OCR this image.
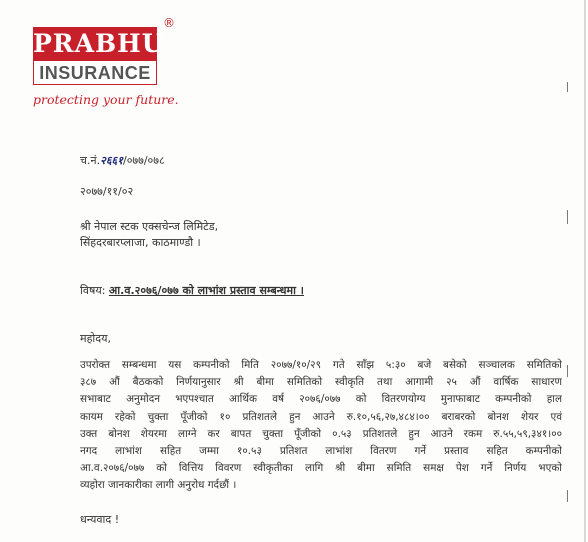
PRABHU
INSURANCE
®
protecting your future.
च.नं.२६६१/०७७/०७८
२०७७/११/०२
श्री नेपाल स्टक एक्सचेन्ज लिमिटेड,
सिंहदरबारप्लाजा, काठमाण्डौ ।
विषय: आ.व.२०७६/०७७ को लाभांश प्रस्ताव सम्बन्धमा ।
महोदय,
उपरोक्त सम्बन्धमा यस कम्पनीको मिति २०७७/१०/२९ गते साँझ ५:३० बजे बसेको सञ्चालक समितिको
३८७ औं बैठकको निर्णयानुसार श्री बीमा समितिको स्वीकृति तथा आगामी २५ औं वार्षिक साधारण
सभाबाट अनुमोदन भएपश्चात आर्थिक वर्ष २०७६/०७७ को वितरणयोग्य मुनाफाबाट कम्पनीको हाल
कायम रहेको चुक्ता पूँजीको १० प्रतिशतले हुन आउने रु.१०,५६,२७,४८४।०० बराबरको बोनश शेयर एवं
उक्त बोनश शेयरमा लाग्ने कर बापत चुक्ता पूँजीको ०.५३ प्रतिशतले हुन आउने रकम रु.५५,५९,३४१।००
नगद लाभांश सहित जम्मा १०.५३ प्रतिशत लाभांश वितरण गर्ने प्रस्ताव सहित कम्पनीको
आ.व.२०७६/०७७ को वित्तिय विवरण स्वीकृतीका लागि श्री बीमा समिति समक्ष पेश गर्ने निर्णय भएको
व्यहोरा जानकारीका लागी अनुरोध गर्दछौं ।
धन्यवाद !
